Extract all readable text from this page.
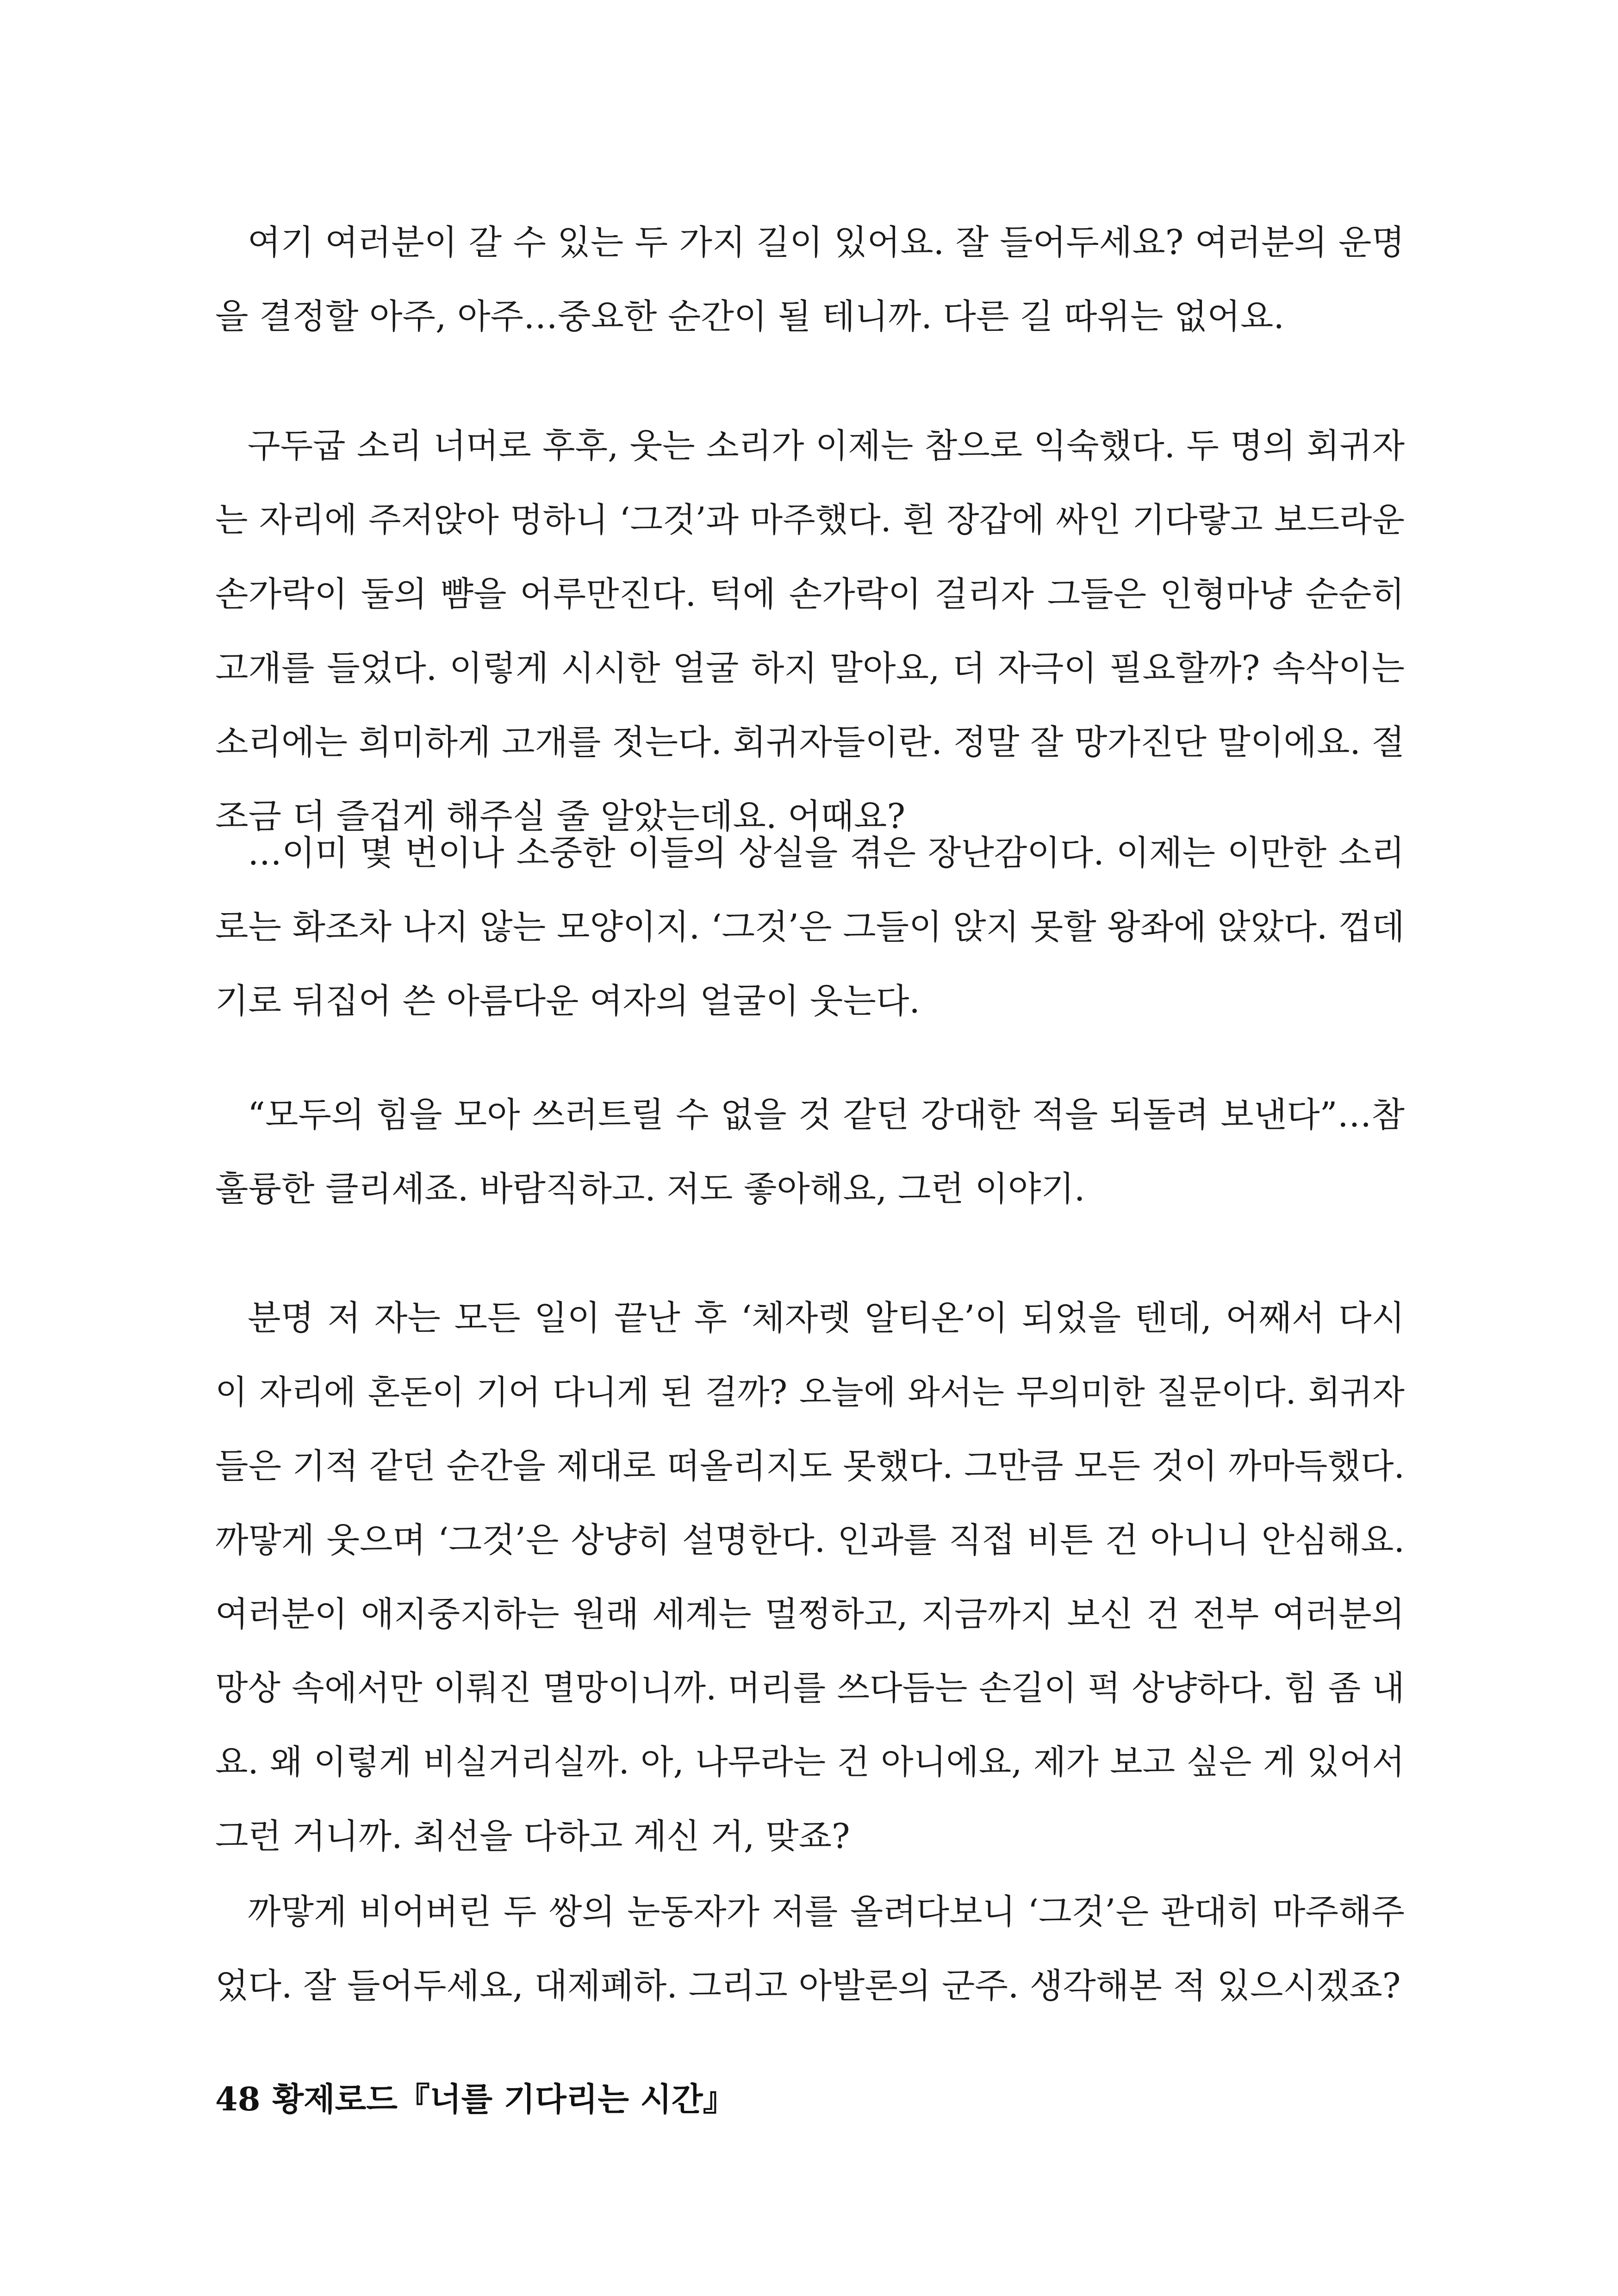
여기 여러분이 갈 수 있는 두 가지 길이 있어요. 잘 들어두세요? 여러분의 운명
을 결정할 아주, 아주…중요한 순간이 될 테니까. 다른 길 따위는 없어요.
구두굽 소리 너머로 후후, 웃는 소리가 이제는 참으로 익숙했다. 두 명의 회귀자
는 자리에 주저앉아 멍하니 ‘그것’과 마주했다. 흰 장갑에 싸인 기다랗고 보드라운
손가락이 둘의 뺨을 어루만진다. 턱에 손가락이 걸리자 그들은 인형마냥 순순히
고개를 들었다. 이렇게 시시한 얼굴 하지 말아요, 더 자극이 필요할까? 속삭이는
소리에는 희미하게 고개를 젓는다. 회귀자들이란. 정말 잘 망가진단 말이에요. 절
조금 더 즐겁게 해주실 줄 알았는데요. 어때요?
…이미 몇 번이나 소중한 이들의 상실을 겪은 장난감이다. 이제는 이만한 소리
로는 화조차 나지 않는 모양이지. ‘그것’은 그들이 앉지 못할 왕좌에 앉았다. 껍데
기로 뒤집어 쓴 아름다운 여자의 얼굴이 웃는다.
“모두의 힘을 모아 쓰러트릴 수 없을 것 같던 강대한 적을 되돌려 보낸다”…참
훌륭한 클리셰죠. 바람직하고. 저도 좋아해요, 그런 이야기.
분명 저 자는 모든 일이 끝난 후 ‘체자렛 알티온’이 되었을 텐데, 어째서 다시
이 자리에 혼돈이 기어 다니게 된 걸까? 오늘에 와서는 무의미한 질문이다. 회귀자
들은 기적 같던 순간을 제대로 떠올리지도 못했다. 그만큼 모든 것이 까마득했다.
까맣게 웃으며 ‘그것’은 상냥히 설명한다. 인과를 직접 비튼 건 아니니 안심해요.
여러분이 애지중지하는 원래 세계는 멀쩡하고, 지금까지 보신 건 전부 여러분의
망상 속에서만 이뤄진 멸망이니까. 머리를 쓰다듬는 손길이 퍽 상냥하다. 힘 좀 내
요. 왜 이렇게 비실거리실까. 아, 나무라는 건 아니에요, 제가 보고 싶은 게 있어서
그런 거니까. 최선을 다하고 계신 거, 맞죠?
까맣게 비어버린 두 쌍의 눈동자가 저를 올려다보니 ‘그것’은 관대히 마주해주
었다. 잘 들어두세요, 대제폐하. 그리고 아발론의 군주. 생각해본 적 있으시겠죠?
48 황제로드『너를 기다리는 시간』
